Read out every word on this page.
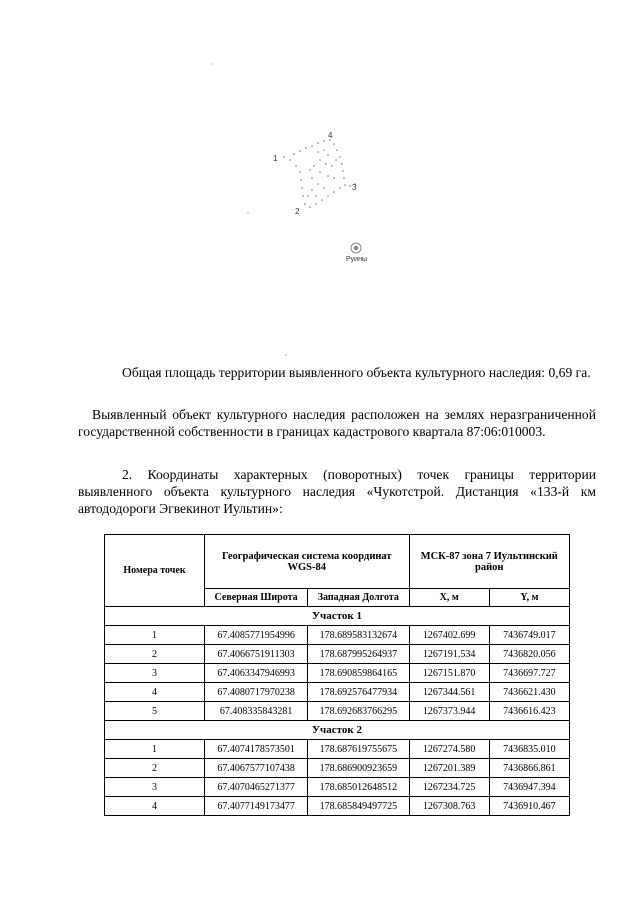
1
2
3
4
Руины

Общая площадь территории выявленного объекта культурного наследия: 0,69 га.

Выявленный объект культурного наследия расположен на землях неразграниченной государственной собственности в границах кадастрового квартала 87:06:010003.

2. Координаты характерных (поворотных) точек границы территории выявленного объекта культурного наследия «Чукотстрой. Дистанция «133-й км автододороги Эгвекинот Иультин»:

Номера точек	Географическая система координат WGS-84		МСК-87 зона 7 Иультинский район	
	Северная Широта	Западная Долгота	X, м	Y, м
Участок 1				
1	67.4085771954996	178.689583132674	1267402.699	7436749.017
2	67.4066751911303	178.687995264937	1267191.534	7436820.056
3	67.4063347946993	178.690859864165	1267151.870	7436697.727
4	67.4080717970238	178.692576477934	1267344.561	7436621.430
5	67.408335843281	178.692683766295	1267373.944	7436616.423
Участок 2				
1	67.4074178573501	178.687619755675	1267274.580	7436835.010
2	67.4067577107438	178.686900923659	1267201.389	7436866.861
3	67.4070465271377	178.685012648512	1267234.725	7436947.394
4	67.4077149173477	178.685849497725	1267308.763	7436910.467
